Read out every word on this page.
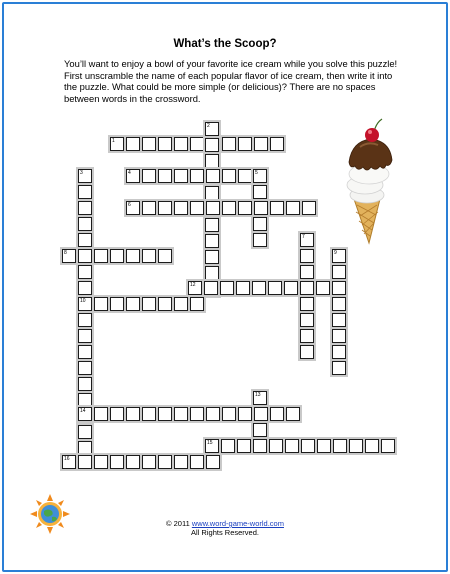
What’s the Scoop?
You’ll want to enjoy a bowl of your favorite ice cream while you solve this puzzle! First unscramble the name of each popular flavor of ice cream, then write it into the puzzle. What could be more simple (or delicious)? There are no spaces between words in the crossword.
1
2
3
10
4	5
6
7
8	9
12
13
14
15
16
© 2011 www.word-game-world.com
All Rights Reserved.
